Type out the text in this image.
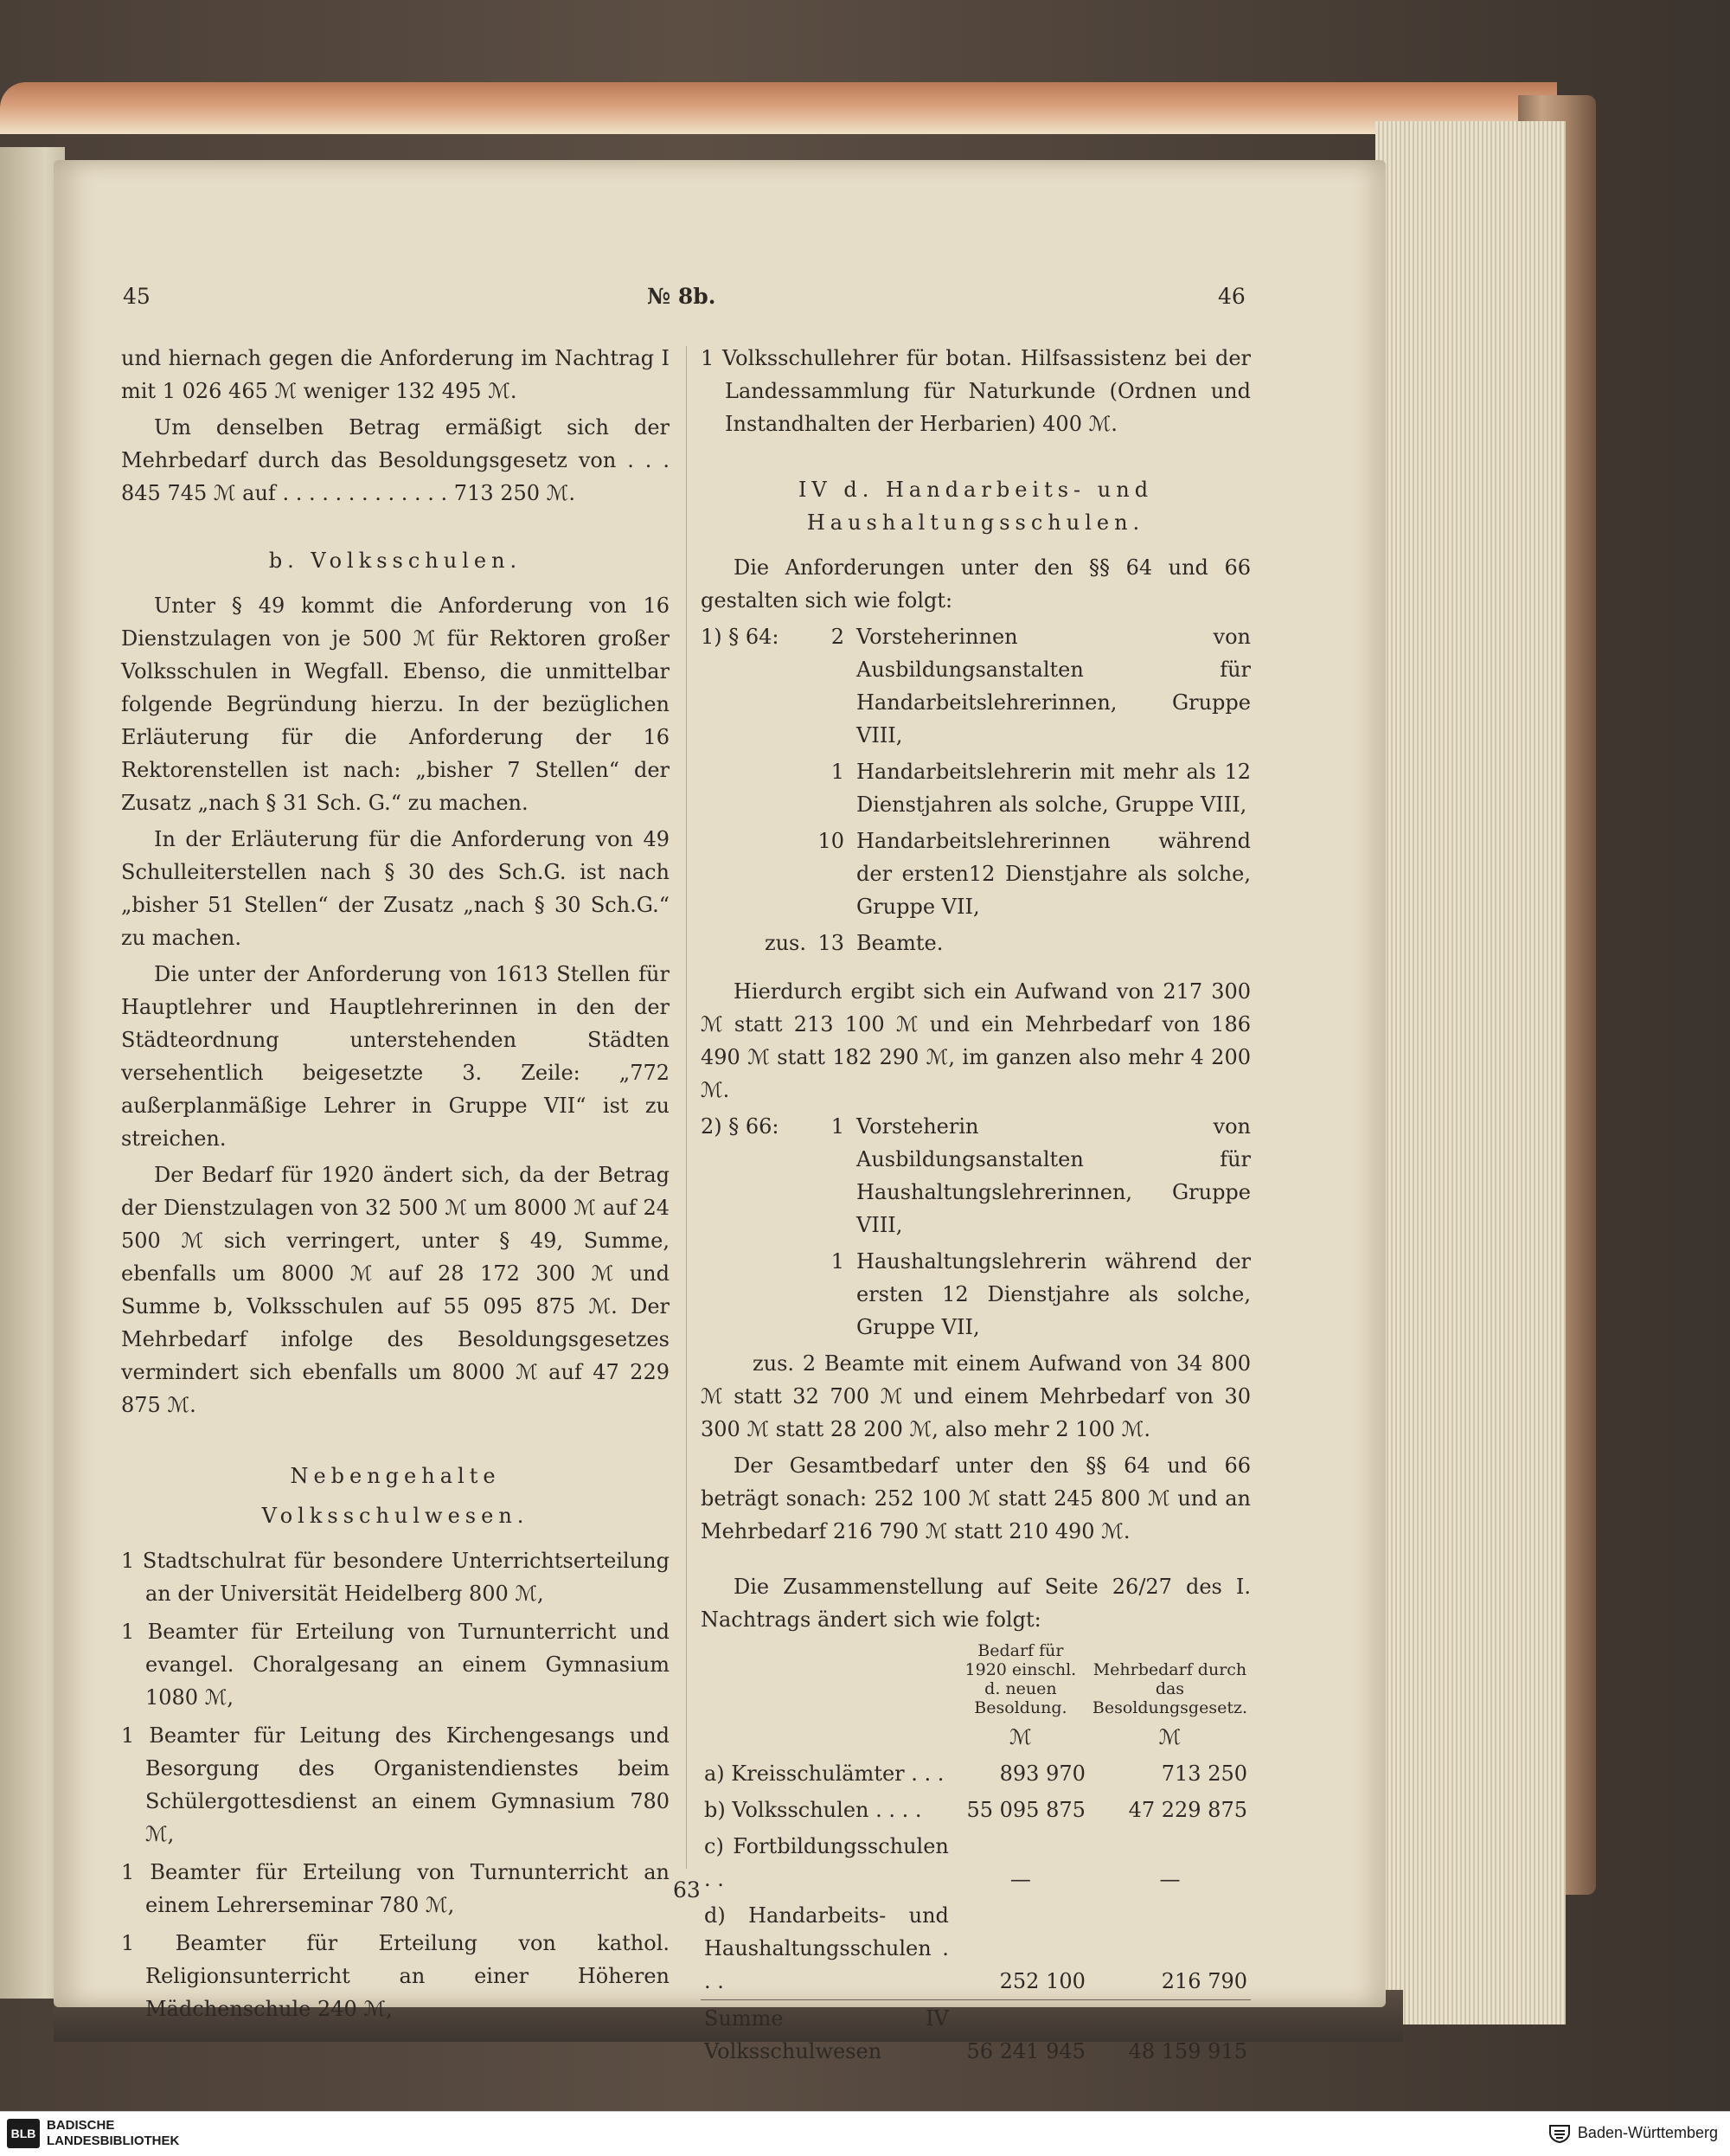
45	№ 8b.	46

und hiernach gegen die Anforderung im Nachtrag I mit 1 026 465 ℳ weniger 132 495 ℳ.

Um denselben Betrag ermäßigt sich der Mehrbedarf durch das Besoldungsgesetz von . . . 845 745 ℳ auf . . . . . . . . . . . . . 713 250 ℳ.

b. Volksschulen.

Unter § 49 kommt die Anforderung von 16 Dienstzulagen von je 500 ℳ für Rektoren großer Volksschulen in Wegfall. Ebenso, die unmittelbar folgende Begründung hierzu. In der bezüglichen Erläuterung für die Anforderung der 16 Rektorenstellen ist nach: „bisher 7 Stellen“ der Zusatz „nach § 31 Sch. G.“ zu machen.

In der Erläuterung für die Anforderung von 49 Schulleiterstellen nach § 30 des Sch.G. ist nach „bisher 51 Stellen“ der Zusatz „nach § 30 Sch.G.“ zu machen.

Die unter der Anforderung von 1613 Stellen für Hauptlehrer und Hauptlehrerinnen in den der Städteordnung unterstehenden Städten versehentlich beigesetzte 3. Zeile: „772 außerplanmäßige Lehrer in Gruppe VII“ ist zu streichen.

Der Bedarf für 1920 ändert sich, da der Betrag der Dienstzulagen von 32 500 ℳ um 8000 ℳ auf 24 500 ℳ sich verringert, unter § 49, Summe, ebenfalls um 8000 ℳ auf 28 172 300 ℳ und Summe b, Volksschulen auf 55 095 875 ℳ. Der Mehrbedarf infolge des Besoldungsgesetzes vermindert sich ebenfalls um 8000 ℳ auf 47 229 875 ℳ.

Nebengehalte

Volksschulwesen.

1 Stadtschulrat für besondere Unterrichtserteilung an der Universität Heidelberg 800 ℳ,

1 Beamter für Erteilung von Turnunterricht und evangel. Choralgesang an einem Gymnasium 1080 ℳ,

1 Beamter für Leitung des Kirchengesangs und Besorgung des Organistendienstes beim Schülergottesdienst an einem Gymnasium 780 ℳ,

1 Beamter für Erteilung von Turnunterricht an einem Lehrerseminar 780 ℳ,

1 Beamter für Erteilung von kathol. Religionsunterricht an einer Höheren Mädchenschule 240 ℳ,

1 Volksschullehrer für botan. Hilfsassistenz bei der Landessammlung für Naturkunde (Ordnen und Instandhalten der Herbarien) 400 ℳ.

IV d. Handarbeits- und Haushaltungsschulen.

Die Anforderungen unter den §§ 64 und 66 gestalten sich wie folgt:

1) § 64:	2 Vorsteherinnen von Ausbildungsanstalten für Handarbeitslehrerinnen, Gruppe VIII,
1 Handarbeitslehrerin mit mehr als 12 Dienstjahren als solche, Gruppe VIII,
10 Handarbeitslehrerinnen während der ersten12 Dienstjahre als solche, Gruppe VII,
zus. 13 Beamte.

Hierdurch ergibt sich ein Aufwand von 217 300 ℳ statt 213 100 ℳ und ein Mehrbedarf von 186 490 ℳ statt 182 290 ℳ, im ganzen also mehr 4 200 ℳ.

2) § 66:	1 Vorsteherin von Ausbildungsanstalten für Haushaltungslehrerinnen, Gruppe VIII,
1 Haushaltungslehrerin während der ersten 12 Dienstjahre als solche, Gruppe VII,

zus. 2 Beamte mit einem Aufwand von 34 800 ℳ statt 32 700 ℳ und einem Mehrbedarf von 30 300 ℳ statt 28 200 ℳ, also mehr 2 100 ℳ.

Der Gesamtbedarf unter den §§ 64 und 66 beträgt sonach: 252 100 ℳ statt 245 800 ℳ und an Mehrbedarf 216 790 ℳ statt 210 490 ℳ.

Die Zusammenstellung auf Seite 26/27 des I. Nachtrags ändert sich wie folgt:

	Bedarf für 1920 einschl. d. neuen Besoldung.	Mehrbedarf durch das Besoldungsgesetz.
	ℳ	ℳ
a) Kreisschulämter . . .	893 970	713 250
b) Volksschulen . . . .	55 095 875	47 229 875
c) Fortbildungsschulen . .	—	—
d) Handarbeits- und Haushaltungsschulen . . .	252 100	216 790
Summe IV Volksschulwesen	56 241 945	48 159 915
63
BLB
BADISCHE
LANDESBIBLIOTHEK	Baden-Württemberg
